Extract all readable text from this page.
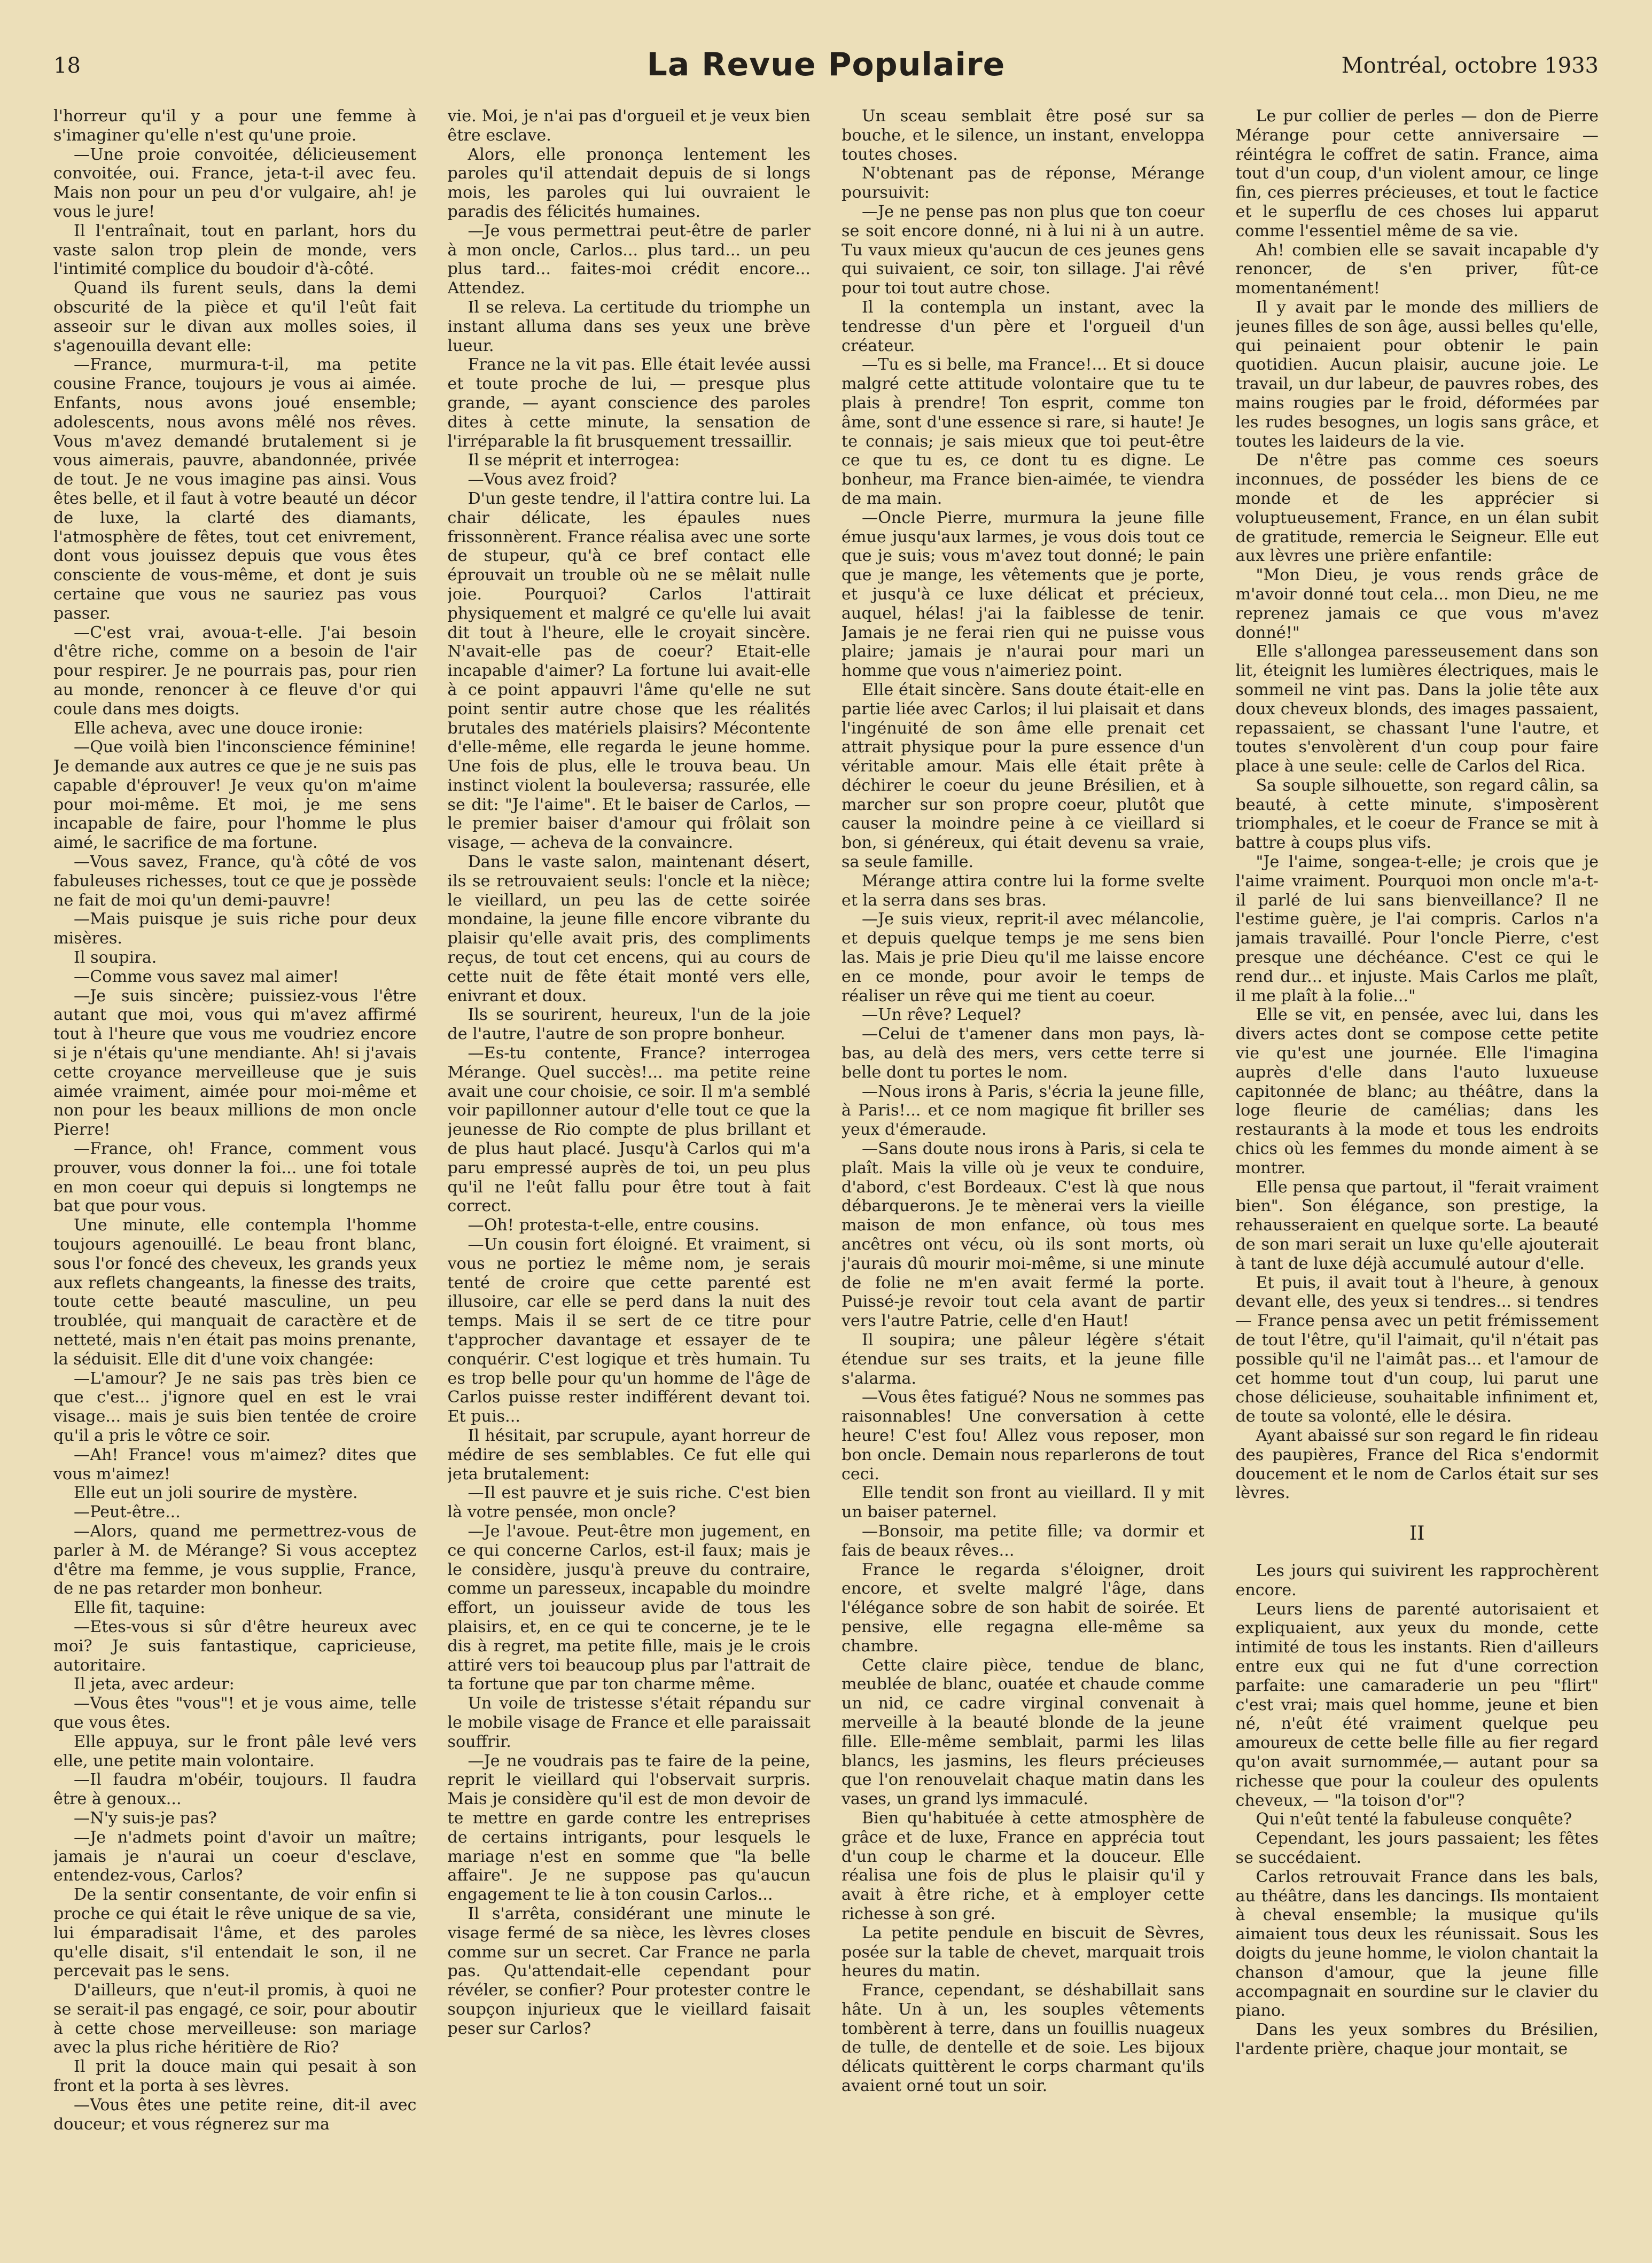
18	La Revue Populaire	Montréal, octobre 1933

l'horreur qu'il y a pour une femme à s'imaginer qu'elle n'est qu'une proie.

—Une proie convoitée, délicieusement convoitée, oui. France, jeta-t-il avec feu. Mais non pour un peu d'or vulgaire, ah! je vous le jure!

Il l'entraînait, tout en parlant, hors du vaste salon trop plein de monde, vers l'intimité complice du boudoir d'à-côté.

Quand ils furent seuls, dans la demi obscurité de la pièce et qu'il l'eût fait asseoir sur le divan aux molles soies, il s'agenouilla devant elle:

—France, murmura-t-il, ma petite cousine France, toujours je vous ai aimée. Enfants, nous avons joué ensemble; adolescents, nous avons mêlé nos rêves. Vous m'avez demandé brutalement si je vous aimerais, pauvre, abandonnée, privée de tout. Je ne vous imagine pas ainsi. Vous êtes belle, et il faut à votre beauté un décor de luxe, la clarté des diamants, l'atmosphère de fêtes, tout cet enivrement, dont vous jouissez depuis que vous êtes consciente de vous-même, et dont je suis certaine que vous ne sauriez pas vous passer.

—C'est vrai, avoua-t-elle. J'ai besoin d'être riche, comme on a besoin de l'air pour respirer. Je ne pourrais pas, pour rien au monde, renoncer à ce fleuve d'or qui coule dans mes doigts.

Elle acheva, avec une douce ironie:

—Que voilà bien l'inconscience féminine! Je demande aux autres ce que je ne suis pas capable d'éprouver! Je veux qu'on m'aime pour moi-même. Et moi, je me sens incapable de faire, pour l'homme le plus aimé, le sacrifice de ma fortune.

—Vous savez, France, qu'à côté de vos fabuleuses richesses, tout ce que je possède ne fait de moi qu'un demi-pauvre!

—Mais puisque je suis riche pour deux misères.

Il soupira.

—Comme vous savez mal aimer!

—Je suis sincère; puissiez-vous l'être autant que moi, vous qui m'avez affirmé tout à l'heure que vous me voudriez encore si je n'étais qu'une mendiante. Ah! si j'avais cette croyance merveilleuse que je suis aimée vraiment, aimée pour moi-même et non pour les beaux millions de mon oncle Pierre!

—France, oh! France, comment vous prouver, vous donner la foi... une foi totale en mon coeur qui depuis si longtemps ne bat que pour vous.

Une minute, elle contempla l'homme toujours agenouillé. Le beau front blanc, sous l'or foncé des cheveux, les grands yeux aux reflets changeants, la finesse des traits, toute cette beauté masculine, un peu troublée, qui manquait de caractère et de netteté, mais n'en était pas moins prenante, la séduisit. Elle dit d'une voix changée:

—L'amour? Je ne sais pas très bien ce que c'est... j'ignore quel en est le vrai visage... mais je suis bien tentée de croire qu'il a pris le vôtre ce soir.

—Ah! France! vous m'aimez? dites que vous m'aimez!

Elle eut un joli sourire de mystère.

—Peut-être...

—Alors, quand me permettrez-vous de parler à M. de Mérange? Si vous acceptez d'être ma femme, je vous supplie, France, de ne pas retarder mon bonheur.

Elle fit, taquine:

—Etes-vous si sûr d'être heureux avec moi? Je suis fantastique, capricieuse, autoritaire.

Il jeta, avec ardeur:

—Vous êtes "vous"! et je vous aime, telle que vous êtes.

Elle appuya, sur le front pâle levé vers elle, une petite main volontaire.

—Il faudra m'obéir, toujours. Il faudra être à genoux...

—N'y suis-je pas?

—Je n'admets point d'avoir un maître; jamais je n'aurai un coeur d'esclave, entendez-vous, Carlos?

De la sentir consentante, de voir enfin si proche ce qui était le rêve unique de sa vie, lui émparadisait l'âme, et des paroles qu'elle disait, s'il entendait le son, il ne percevait pas le sens.

D'ailleurs, que n'eut-il promis, à quoi ne se serait-il pas engagé, ce soir, pour aboutir à cette chose merveilleuse: son mariage avec la plus riche héritière de Rio?

Il prit la douce main qui pesait à son front et la porta à ses lèvres.

—Vous êtes une petite reine, dit-il avec douceur; et vous régnerez sur ma

vie. Moi, je n'ai pas d'orgueil et je veux bien être esclave.

Alors, elle prononça lentement les paroles qu'il attendait depuis de si longs mois, les paroles qui lui ouvraient le paradis des félicités humaines.

—Je vous permettrai peut-être de parler à mon oncle, Carlos... plus tard... un peu plus tard... faites-moi crédit encore... Attendez.

Il se releva. La certitude du triomphe un instant alluma dans ses yeux une brève lueur.

France ne la vit pas. Elle était levée aussi et toute proche de lui, — presque plus grande, — ayant conscience des paroles dites à cette minute, la sensation de l'irréparable la fit brusquement tressaillir.

Il se méprit et interrogea:

—Vous avez froid?

D'un geste tendre, il l'attira contre lui. La chair délicate, les épaules nues frissonnèrent. France réalisa avec une sorte de stupeur, qu'à ce bref contact elle éprouvait un trouble où ne se mêlait nulle joie. Pourquoi? Carlos l'attirait physiquement et malgré ce qu'elle lui avait dit tout à l'heure, elle le croyait sincère. N'avait-elle pas de coeur? Etait-elle incapable d'aimer? La fortune lui avait-elle à ce point appauvri l'âme qu'elle ne sut point sentir autre chose que les réalités brutales des matériels plaisirs? Mécontente d'elle-même, elle regarda le jeune homme. Une fois de plus, elle le trouva beau. Un instinct violent la bouleversa; rassurée, elle se dit: "Je l'aime". Et le baiser de Carlos, — le premier baiser d'amour qui frôlait son visage, — acheva de la convaincre.

Dans le vaste salon, maintenant désert, ils se retrouvaient seuls: l'oncle et la nièce; le vieillard, un peu las de cette soirée mondaine, la jeune fille encore vibrante du plaisir qu'elle avait pris, des compliments reçus, de tout cet encens, qui au cours de cette nuit de fête était monté vers elle, enivrant et doux.

Ils se sourirent, heureux, l'un de la joie de l'autre, l'autre de son propre bonheur.

—Es-tu contente, France? interrogea Mérange. Quel succès!... ma petite reine avait une cour choisie, ce soir. Il m'a semblé voir papillonner autour d'elle tout ce que la jeunesse de Rio compte de plus brillant et de plus haut placé. Jusqu'à Carlos qui m'a paru empressé auprès de toi, un peu plus qu'il ne l'eût fallu pour être tout à fait correct.

—Oh! protesta-t-elle, entre cousins.

—Un cousin fort éloigné. Et vraiment, si vous ne portiez le même nom, je serais tenté de croire que cette parenté est illusoire, car elle se perd dans la nuit des temps. Mais il se sert de ce titre pour t'approcher davantage et essayer de te conquérir. C'est logique et très humain. Tu es trop belle pour qu'un homme de l'âge de Carlos puisse rester indifférent devant toi. Et puis...

Il hésitait, par scrupule, ayant horreur de médire de ses semblables. Ce fut elle qui jeta brutalement:

—Il est pauvre et je suis riche. C'est bien là votre pensée, mon oncle?

—Je l'avoue. Peut-être mon jugement, en ce qui concerne Carlos, est-il faux; mais je le considère, jusqu'à preuve du contraire, comme un paresseux, incapable du moindre effort, un jouisseur avide de tous les plaisirs, et, en ce qui te concerne, je te le dis à regret, ma petite fille, mais je le crois attiré vers toi beaucoup plus par l'attrait de ta fortune que par ton charme même.

Un voile de tristesse s'était répandu sur le mobile visage de France et elle paraissait souffrir.

—Je ne voudrais pas te faire de la peine, reprit le vieillard qui l'observait surpris. Mais je considère qu'il est de mon devoir de te mettre en garde contre les entreprises de certains intrigants, pour lesquels le mariage n'est en somme que "la belle affaire". Je ne suppose pas qu'aucun engagement te lie à ton cousin Carlos...

Il s'arrêta, considérant une minute le visage fermé de sa nièce, les lèvres closes comme sur un secret. Car France ne parla pas. Qu'attendait-elle cependant pour révéler, se confier? Pour protester contre le soupçon injurieux que le vieillard faisait peser sur Carlos?

Un sceau semblait être posé sur sa bouche, et le silence, un instant, enveloppa toutes choses.

N'obtenant pas de réponse, Mérange poursuivit:

—Je ne pense pas non plus que ton coeur se soit encore donné, ni à lui ni à un autre. Tu vaux mieux qu'aucun de ces jeunes gens qui suivaient, ce soir, ton sillage. J'ai rêvé pour toi tout autre chose.

Il la contempla un instant, avec la tendresse d'un père et l'orgueil d'un créateur.

—Tu es si belle, ma France!... Et si douce malgré cette attitude volontaire que tu te plais à prendre! Ton esprit, comme ton âme, sont d'une essence si rare, si haute! Je te connais; je sais mieux que toi peut-être ce que tu es, ce dont tu es digne. Le bonheur, ma France bien-aimée, te viendra de ma main.

—Oncle Pierre, murmura la jeune fille émue jusqu'aux larmes, je vous dois tout ce que je suis; vous m'avez tout donné; le pain que je mange, les vêtements que je porte, et jusqu'à ce luxe délicat et précieux, auquel, hélas! j'ai la faiblesse de tenir. Jamais je ne ferai rien qui ne puisse vous plaire; jamais je n'aurai pour mari un homme que vous n'aimeriez point.

Elle était sincère. Sans doute était-elle en partie liée avec Carlos; il lui plaisait et dans l'ingénuité de son âme elle prenait cet attrait physique pour la pure essence d'un véritable amour. Mais elle était prête à déchirer le coeur du jeune Brésilien, et à marcher sur son propre coeur, plutôt que causer la moindre peine à ce vieillard si bon, si généreux, qui était devenu sa vraie, sa seule famille.

Mérange attira contre lui la forme svelte et la serra dans ses bras.

—Je suis vieux, reprit-il avec mélancolie, et depuis quelque temps je me sens bien las. Mais je prie Dieu qu'il me laisse encore en ce monde, pour avoir le temps de réaliser un rêve qui me tient au coeur.

—Un rêve? Lequel?

—Celui de t'amener dans mon pays, là-bas, au delà des mers, vers cette terre si belle dont tu portes le nom.

—Nous irons à Paris, s'écria la jeune fille, à Paris!... et ce nom magique fit briller ses yeux d'émeraude.

—Sans doute nous irons à Paris, si cela te plaît. Mais la ville où je veux te conduire, d'abord, c'est Bordeaux. C'est là que nous débarquerons. Je te mènerai vers la vieille maison de mon enfance, où tous mes ancêtres ont vécu, où ils sont morts, où j'aurais dû mourir moi-même, si une minute de folie ne m'en avait fermé la porte. Puissé-je revoir tout cela avant de partir vers l'autre Patrie, celle d'en Haut!

Il soupira; une pâleur légère s'était étendue sur ses traits, et la jeune fille s'alarma.

—Vous êtes fatigué? Nous ne sommes pas raisonnables! Une conversation à cette heure! C'est fou! Allez vous reposer, mon bon oncle. Demain nous reparlerons de tout ceci.

Elle tendit son front au vieillard. Il y mit un baiser paternel.

—Bonsoir, ma petite fille; va dormir et fais de beaux rêves...

France le regarda s'éloigner, droit encore, et svelte malgré l'âge, dans l'élégance sobre de son habit de soirée. Et pensive, elle regagna elle-même sa chambre.

Cette claire pièce, tendue de blanc, meublée de blanc, ouatée et chaude comme un nid, ce cadre virginal convenait à merveille à la beauté blonde de la jeune fille. Elle-même semblait, parmi les lilas blancs, les jasmins, les fleurs précieuses que l'on renouvelait chaque matin dans les vases, un grand lys immaculé.

Bien qu'habituée à cette atmosphère de grâce et de luxe, France en apprécia tout d'un coup le charme et la douceur. Elle réalisa une fois de plus le plaisir qu'il y avait à être riche, et à employer cette richesse à son gré.

La petite pendule en biscuit de Sèvres, posée sur la table de chevet, marquait trois heures du matin.

France, cependant, se déshabillait sans hâte. Un à un, les souples vêtements tombèrent à terre, dans un fouillis nuageux de tulle, de dentelle et de soie. Les bijoux délicats quittèrent le corps charmant qu'ils avaient orné tout un soir.

Le pur collier de perles — don de Pierre Mérange pour cette anniversaire — réintégra le coffret de satin. France, aima tout d'un coup, d'un violent amour, ce linge fin, ces pierres précieuses, et tout le factice et le superflu de ces choses lui apparut comme l'essentiel même de sa vie.

Ah! combien elle se savait incapable d'y renoncer, de s'en priver, fût-ce momentanément!

Il y avait par le monde des milliers de jeunes filles de son âge, aussi belles qu'elle, qui peinaient pour obtenir le pain quotidien. Aucun plaisir, aucune joie. Le travail, un dur labeur, de pauvres robes, des mains rougies par le froid, déformées par les rudes besognes, un logis sans grâce, et toutes les laideurs de la vie.

De n'être pas comme ces soeurs inconnues, de posséder les biens de ce monde et de les apprécier si voluptueusement, France, en un élan subit de gratitude, remercia le Seigneur. Elle eut aux lèvres une prière enfantile:

"Mon Dieu, je vous rends grâce de m'avoir donné tout cela... mon Dieu, ne me reprenez jamais ce que vous m'avez donné!"

Elle s'allongea paresseusement dans son lit, éteignit les lumières électriques, mais le sommeil ne vint pas. Dans la jolie tête aux doux cheveux blonds, des images passaient, repassaient, se chassant l'une l'autre, et toutes s'envolèrent d'un coup pour faire place à une seule: celle de Carlos del Rica.

Sa souple silhouette, son regard câlin, sa beauté, à cette minute, s'imposèrent triomphales, et le coeur de France se mit à battre à coups plus vifs.

"Je l'aime, songea-t-elle; je crois que je l'aime vraiment. Pourquoi mon oncle m'a-t-il parlé de lui sans bienveillance? Il ne l'estime guère, je l'ai compris. Carlos n'a jamais travaillé. Pour l'oncle Pierre, c'est presque une déchéance. C'est ce qui le rend dur... et injuste. Mais Carlos me plaît, il me plaît à la folie..."

Elle se vit, en pensée, avec lui, dans les divers actes dont se compose cette petite vie qu'est une journée. Elle l'imagina auprès d'elle dans l'auto luxueuse capitonnée de blanc; au théâtre, dans la loge fleurie de camélias; dans les restaurants à la mode et tous les endroits chics où les femmes du monde aiment à se montrer.

Elle pensa que partout, il "ferait vraiment bien". Son élégance, son prestige, la rehausseraient en quelque sorte. La beauté de son mari serait un luxe qu'elle ajouterait à tant de luxe déjà accumulé autour d'elle.

Et puis, il avait tout à l'heure, à genoux devant elle, des yeux si tendres... si tendres — France pensa avec un petit frémissement de tout l'être, qu'il l'aimait, qu'il n'était pas possible qu'il ne l'aimât pas... et l'amour de cet homme tout d'un coup, lui parut une chose délicieuse, souhaitable infiniment et, de toute sa volonté, elle le désira.

Ayant abaissé sur son regard le fin rideau des paupières, France del Rica s'endormit doucement et le nom de Carlos était sur ses lèvres.

II

Les jours qui suivirent les rapprochèrent encore.

Leurs liens de parenté autorisaient et expliquaient, aux yeux du monde, cette intimité de tous les instants. Rien d'ailleurs entre eux qui ne fut d'une correction parfaite: une camaraderie un peu "flirt" c'est vrai; mais quel homme, jeune et bien né, n'eût été vraiment quelque peu amoureux de cette belle fille au fier regard qu'on avait surnommée,— autant pour sa richesse que pour la couleur des opulents cheveux, — "la toison d'or"?

Qui n'eût tenté la fabuleuse conquête?

Cependant, les jours passaient; les fêtes se succédaient.

Carlos retrouvait France dans les bals, au théâtre, dans les dancings. Ils montaient à cheval ensemble; la musique qu'ils aimaient tous deux les réunissait. Sous les doigts du jeune homme, le violon chantait la chanson d'amour, que la jeune fille accompagnait en sourdine sur le clavier du piano.

Dans les yeux sombres du Brésilien, l'ardente prière, chaque jour montait, se
